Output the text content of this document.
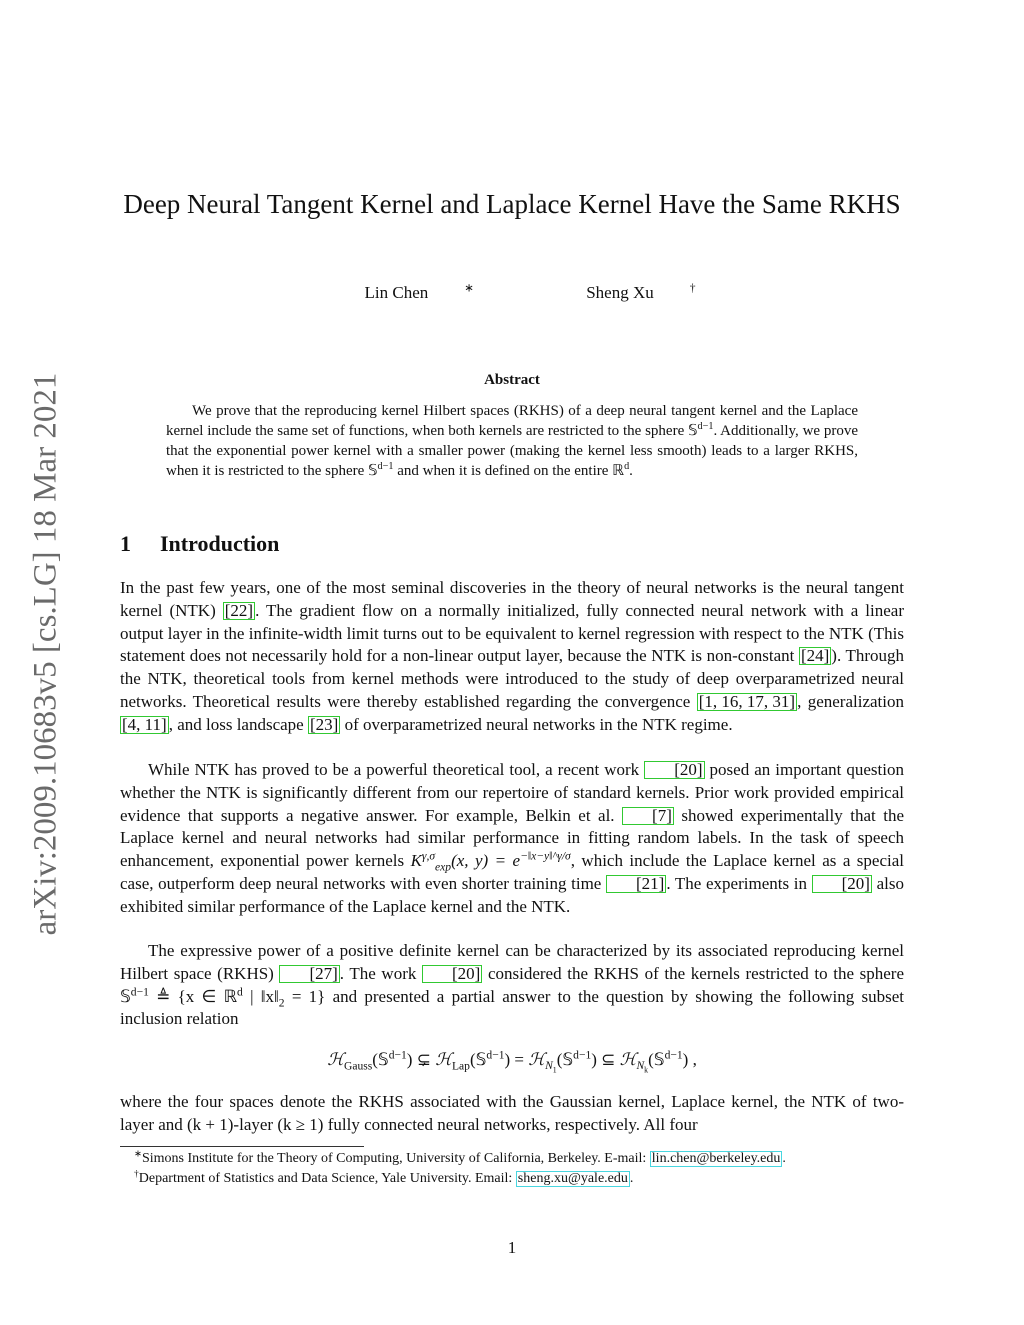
arXiv:2009.10683v5 [cs.LG] 18 Mar 2021
Deep Neural Tangent Kernel and Laplace Kernel Have the Same RKHS
Lin Chen	∗	Sheng Xu	†
Abstract
We prove that the reproducing kernel Hilbert spaces (RKHS) of a deep neural tangent kernel and the Laplace kernel include the same set of functions, when both kernels are restricted to the sphere 𝕊$^{d-1}$. Additionally, we prove that the exponential power kernel with a smaller power (making the kernel less smooth) leads to a larger RKHS, when it is restricted to the sphere 𝕊$^{d-1}$ and when it is defined on the entire ℝ$^d$.
1 Introduction
In the past few years, one of the most seminal discoveries in the theory of neural networks is the neural tangent kernel (NTK) [22] . The gradient flow on a normally initialized, fully connected neural network with a linear output layer in the infinite-width limit turns out to be equivalent to kernel regression with respect to the NTK (This statement does not necessarily hold for a non-linear output layer, because the NTK is non-constant [24] ). Through the NTK, theoretical tools from kernel methods were introduced to the study of deep overparametrized neural networks. Theoretical results were thereby established regarding the convergence [1, 16, 17, 31] , generalization [4, 11] , and loss landscape [23] of overparametrized neural networks in the NTK regime.
While NTK has proved to be a powerful theoretical tool, a recent work [20] posed an important question whether the NTK is significantly different from our repertoire of standard kernels. Prior work provided empirical evidence that supports a negative answer. For example, Belkin et al. [7] showed experimentally that the Laplace kernel and neural networks had similar performance in fitting random labels. In the task of speech enhancement, exponential power kernels $K^{\gamma,\sigma}_{exp}(x$, $y) = e^{-‖x-y‖\^{}\gamma/\sigma}$, which include the Laplace kernel as a special case, outperform deep neural networks with even shorter training time [21] . The experiments in [20] also exhibited similar performance of the Laplace kernel and the NTK.
The expressive power of a positive definite kernel can be characterized by its associated reproducing kernel Hilbert space (RKHS) [27] . The work [20] considered the RKHS of the kernels restricted to the sphere 𝕊$^{d-1}$ ≜ {x ∈ ℝ$^d$ | $‖x‖_2 = 1$} and presented a partial answer to the question by showing the following subset inclusion relation
ℋ$_{Gauss}$(𝕊$^{d-1}$) ⊊ ℋ$_{Lap}$(𝕊$^{d-1}$) = ℋ$_{N_1}$(𝕊$^{d-1}$) ⊆ ℋ$_{N_k}$(𝕊$^{d-1}$) ,
where the four spaces denote the RKHS associated with the Gaussian kernel, Laplace kernel, the NTK of two-layer and (k + 1)-layer (k ≥ 1) fully connected neural networks, respectively. All four
∗Simons Institute for the Theory of Computing, University of California, Berkeley. E-mail: lin.chen@berkeley.edu .
†Department of Statistics and Data Science, Yale University. Email: sheng.xu@yale.edu .
1
